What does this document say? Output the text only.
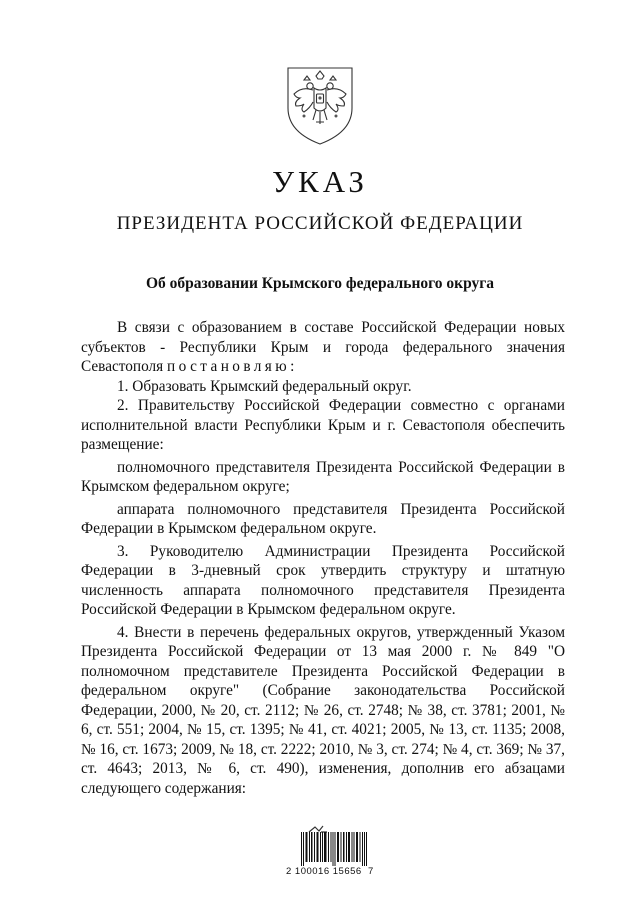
УКАЗ
ПРЕЗИДЕНТА РОССИЙСКОЙ ФЕДЕРАЦИИ
Об образовании Крымского федерального округа

В связи с образованием в составе Российской Федерации новых субъектов - Республики Крым и города федерального значения Севастополя постановляю:

1. Образовать Крымский федеральный округ.

2. Правительству Российской Федерации совместно с органами исполнительной власти Республики Крым и г. Севастополя обеспечить размещение:

полномочного представителя Президента Российской Федерации в Крымском федеральном округе;

аппарата полномочного представителя Президента Российской Федерации в Крымском федеральном округе.

3. Руководителю Администрации Президента Российской Федерации в 3-дневный срок утвердить структуру и штатную численность аппарата полномочного представителя Президента Российской Федерации в Крымском федеральном округе.

4. Внести в перечень федеральных округов, утвержденный Указом Президента Российской Федерации от 13 мая 2000 г. № 849 "О полномочном представителе Президента Российской Федерации в федеральном округе" (Собрание законодательства Российской Федерации, 2000, № 20, ст. 2112; № 26, ст. 2748; № 38, ст. 3781; 2001, № 6, ст. 551; 2004, № 15, ст. 1395; № 41, ст. 4021; 2005, № 13, ст. 1135; 2008, № 16, ст. 1673; 2009, № 18, ст. 2222; 2010, № 3, ст. 274; № 4, ст. 369; № 37, ст. 4643; 2013, № 6, ст. 490), изменения, дополнив его абзацами следующего содержания:

2 100016 15656  7
